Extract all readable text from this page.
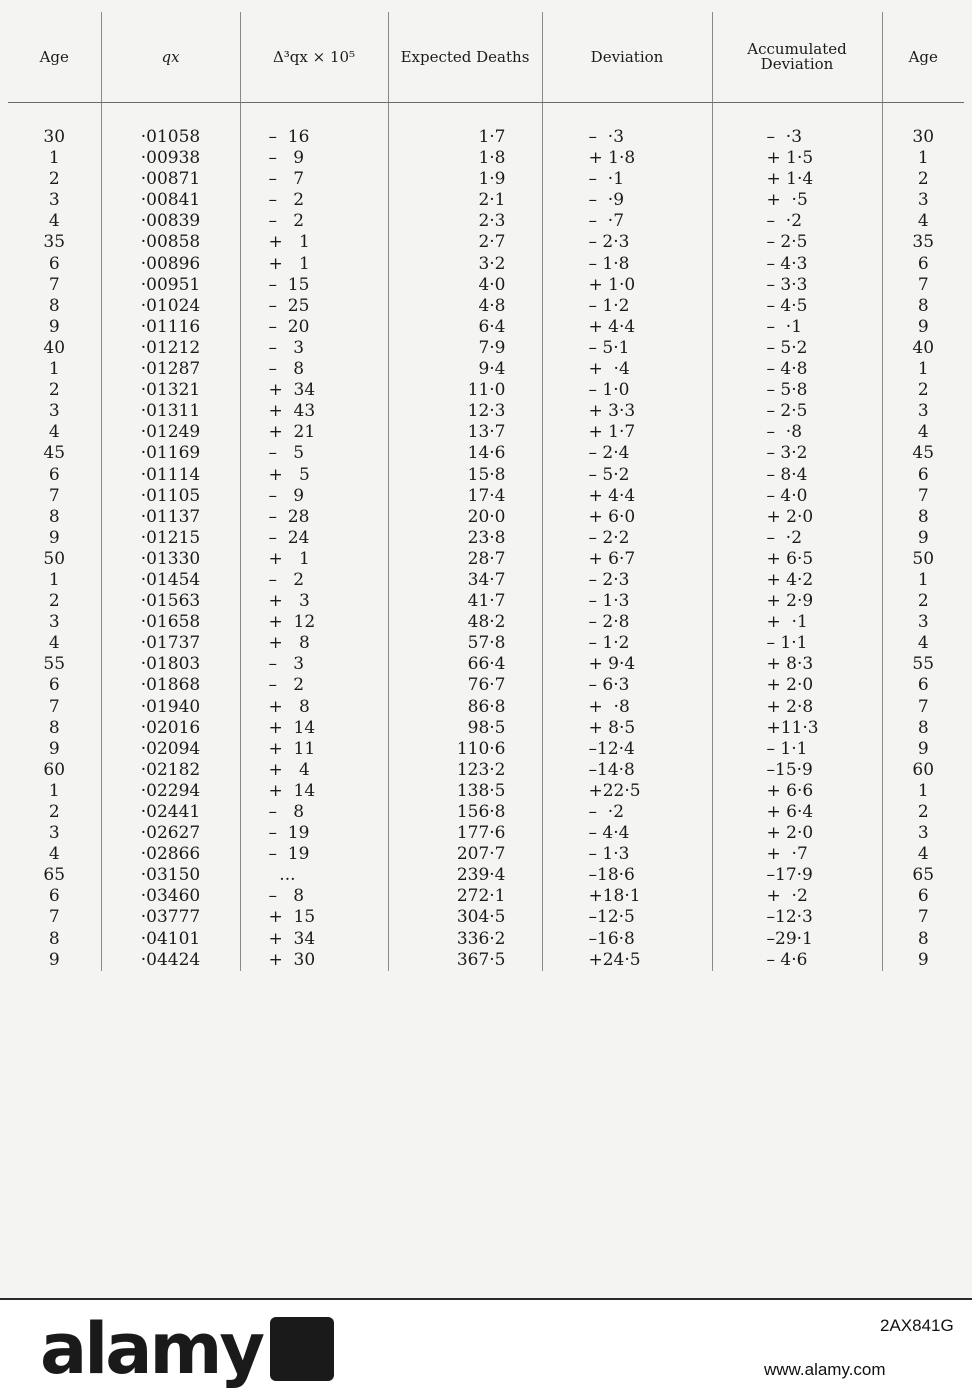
Age	qx	Δ³qx × 10⁵	Expected Deaths	Deviation	Accumulated Deviation	Age

30	·01058	–  16	1·7	–  ·3	–  ·3	30
1	·00938	–   9	1·8	+ 1·8	+ 1·5	1
2	·00871	–   7	1·9	–  ·1	+ 1·4	2
3	·00841	–   2	2·1	–  ·9	+  ·5	3
4	·00839	–   2	2·3	–  ·7	–  ·2	4
35	·00858	+   1	2·7	– 2·3	– 2·5	35
6	·00896	+   1	3·2	– 1·8	– 4·3	6
7	·00951	–  15	4·0	+ 1·0	– 3·3	7
8	·01024	–  25	4·8	– 1·2	– 4·5	8
9	·01116	–  20	6·4	+ 4·4	–  ·1	9
40	·01212	–   3	7·9	– 5·1	– 5·2	40
1	·01287	–   8	9·4	+  ·4	– 4·8	1
2	·01321	+  34	11·0	– 1·0	– 5·8	2
3	·01311	+  43	12·3	+ 3·3	– 2·5	3
4	·01249	+  21	13·7	+ 1·7	–  ·8	4
45	·01169	–   5	14·6	– 2·4	– 3·2	45
6	·01114	+   5	15·8	– 5·2	– 8·4	6
7	·01105	–   9	17·4	+ 4·4	– 4·0	7
8	·01137	–  28	20·0	+ 6·0	+ 2·0	8
9	·01215	–  24	23·8	– 2·2	–  ·2	9
50	·01330	+   1	28·7	+ 6·7	+ 6·5	50
1	·01454	–   2	34·7	– 2·3	+ 4·2	1
2	·01563	+   3	41·7	– 1·3	+ 2·9	2
3	·01658	+  12	48·2	– 2·8	+  ·1	3
4	·01737	+   8	57·8	– 1·2	– 1·1	4
55	·01803	–   3	66·4	+ 9·4	+ 8·3	55
6	·01868	–   2	76·7	– 6·3	+ 2·0	6
7	·01940	+   8	86·8	+  ·8	+ 2·8	7
8	·02016	+  14	98·5	+ 8·5	+11·3	8
9	·02094	+  11	110·6	–12·4	– 1·1	9
60	·02182	+   4	123·2	–14·8	–15·9	60
1	·02294	+  14	138·5	+22·5	+ 6·6	1
2	·02441	–   8	156·8	–  ·2	+ 6·4	2
3	·02627	–  19	177·6	– 4·4	+ 2·0	3
4	·02866	–  19	207·7	– 1·3	+  ·7	4
65	·03150	...	239·4	–18·6	–17·9	65
6	·03460	–   8	272·1	+18·1	+  ·2	6
7	·03777	+  15	304·5	–12·5	–12·3	7
8	·04101	+  34	336·2	–16·8	–29·1	8
9	·04424	+  30	367·5	+24·5	– 4·6	9
alamy	2AX841G
www.alamy.com
